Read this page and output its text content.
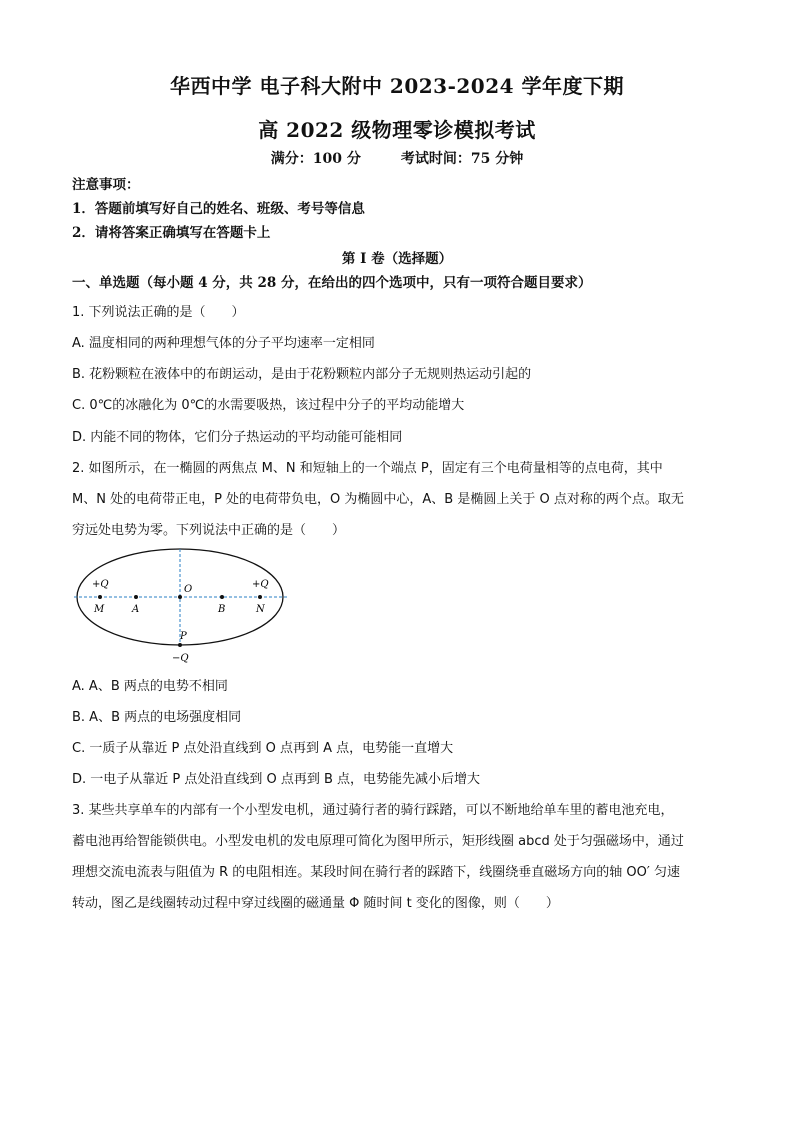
华西中学 电子科大附中 2023-2024 学年度下期
高 2022 级物理零诊模拟考试
满分：100 分	考试时间：75 分钟
注意事项：
1．答题前填写好自己的姓名、班级、考号等信息
2．请将答案正确填写在答题卡上
第 I 卷（选择题）
一、单选题（每小题 4 分，共 28 分，在给出的四个选项中，只有一项符合题目要求）
1. 下列说法正确的是（　　）
A. 温度相同的两种理想气体的分子平均速率一定相同
B. 花粉颗粒在液体中的布朗运动，是由于花粉颗粒内部分子无规则热运动引起的
C. 0℃的冰融化为 0℃的水需要吸热，该过程中分子的平均动能增大
D. 内能不同的物体，它们分子热运动的平均动能可能相同
2. 如图所示，在一椭圆的两焦点 M、N 和短轴上的一个端点 P，固定有三个电荷量相等的点电荷，其中
M、N 处的电荷带正电，P 处的电荷带负电，O 为椭圆中心，A、B 是椭圆上关于 O 点对称的两个点。取无
穷远处电势为零。下列说法中正确的是（　　）
+Q	+Q
M	A
O
B	N
P
−Q
A. A、B 两点的电势不相同
B. A、B 两点的电场强度相同
C. 一质子从靠近 P 点处沿直线到 O 点再到 A 点，电势能一直增大
D. 一电子从靠近 P 点处沿直线到 O 点再到 B 点，电势能先减小后增大
3. 某些共享单车的内部有一个小型发电机，通过骑行者的骑行踩踏，可以不断地给单车里的蓄电池充电，
蓄电池再给智能锁供电。小型发电机的发电原理可简化为图甲所示，矩形线圈 abcd 处于匀强磁场中，通过
理想交流电流表与阻值为 R 的电阻相连。某段时间在骑行者的踩踏下，线圈绕垂直磁场方向的轴 OO′ 匀速
转动，图乙是线圈转动过程中穿过线圈的磁通量 Φ 随时间 t 变化的图像，则（　　）
